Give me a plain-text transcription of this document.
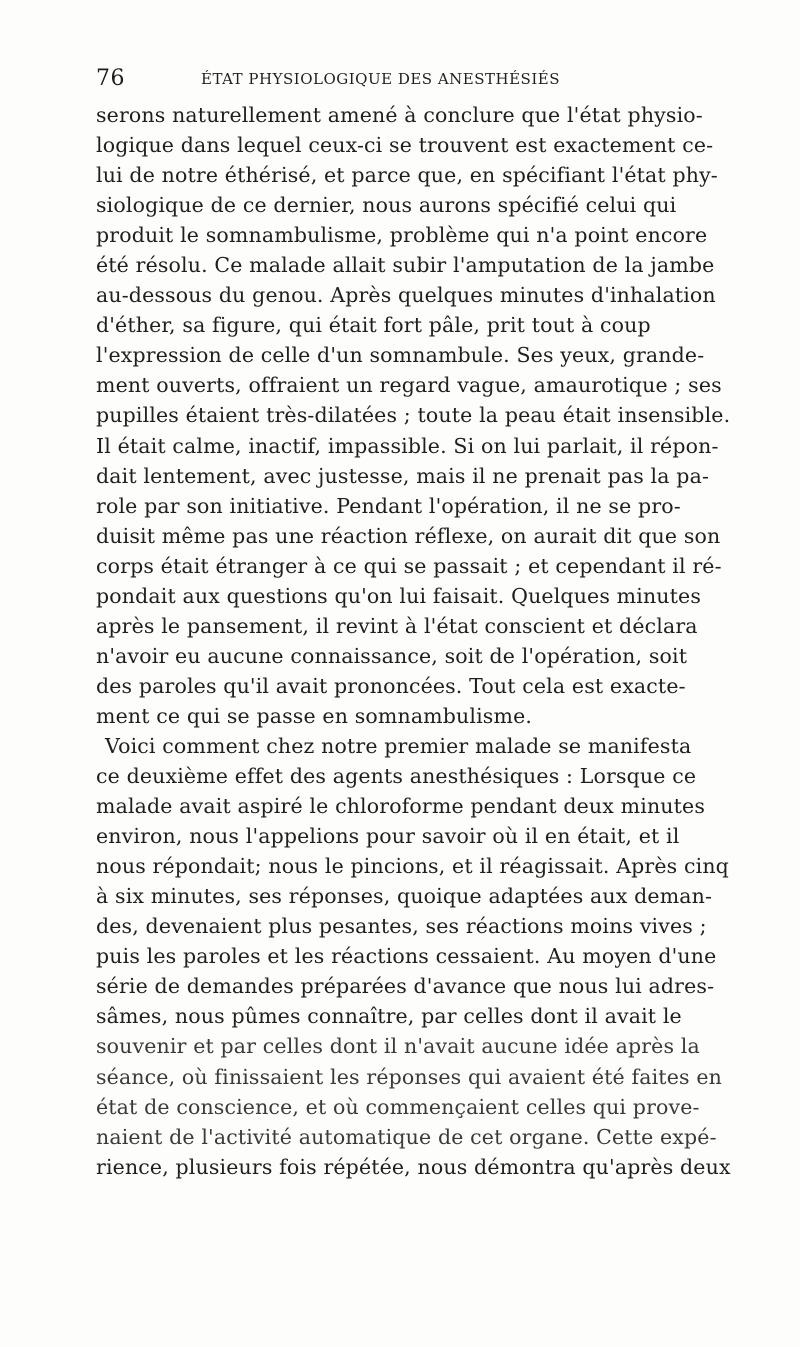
76	ÉTAT PHYSIOLOGIQUE DES ANESTHÉSIÉS
serons naturellement amené à conclure que l'état physio-
logique dans lequel ceux-ci se trouvent est exactement ce-
lui de notre éthérisé, et parce que, en spécifiant l'état phy-
siologique de ce dernier, nous aurons spécifié celui qui
produit le somnambulisme, problème qui n'a point encore
été résolu. Ce malade allait subir l'amputation de la jambe
au-dessous du genou. Après quelques minutes d'inhalation
d'éther, sa figure, qui était fort pâle, prit tout à coup
l'expression de celle d'un somnambule. Ses yeux, grande-
ment ouverts, offraient un regard vague, amaurotique ; ses
pupilles étaient très-dilatées ; toute la peau était insensible.
Il était calme, inactif, impassible. Si on lui parlait, il répon-
dait lentement, avec justesse, mais il ne prenait pas la pa-
role par son initiative. Pendant l'opération, il ne se pro-
duisit même pas une réaction réflexe, on aurait dit que son
corps était étranger à ce qui se passait ; et cependant il ré-
pondait aux questions qu'on lui faisait. Quelques minutes
après le pansement, il revint à l'état conscient et déclara
n'avoir eu aucune connaissance, soit de l'opération, soit
des paroles qu'il avait prononcées. Tout cela est exacte-
ment ce qui se passe en somnambulisme.
Voici comment chez notre premier malade se manifesta
ce deuxième effet des agents anesthésiques : Lorsque ce
malade avait aspiré le chloroforme pendant deux minutes
environ, nous l'appelions pour savoir où il en était, et il
nous répondait; nous le pincions, et il réagissait. Après cinq
à six minutes, ses réponses, quoique adaptées aux deman-
des, devenaient plus pesantes, ses réactions moins vives ;
puis les paroles et les réactions cessaient. Au moyen d'une
série de demandes préparées d'avance que nous lui adres-
sâmes, nous pûmes connaître, par celles dont il avait le
souvenir et par celles dont il n'avait aucune idée après la
séance, où finissaient les réponses qui avaient été faites en
état de conscience, et où commençaient celles qui prove-
naient de l'activité automatique de cet organe. Cette expé-
rience, plusieurs fois répétée, nous démontra qu'après deux
